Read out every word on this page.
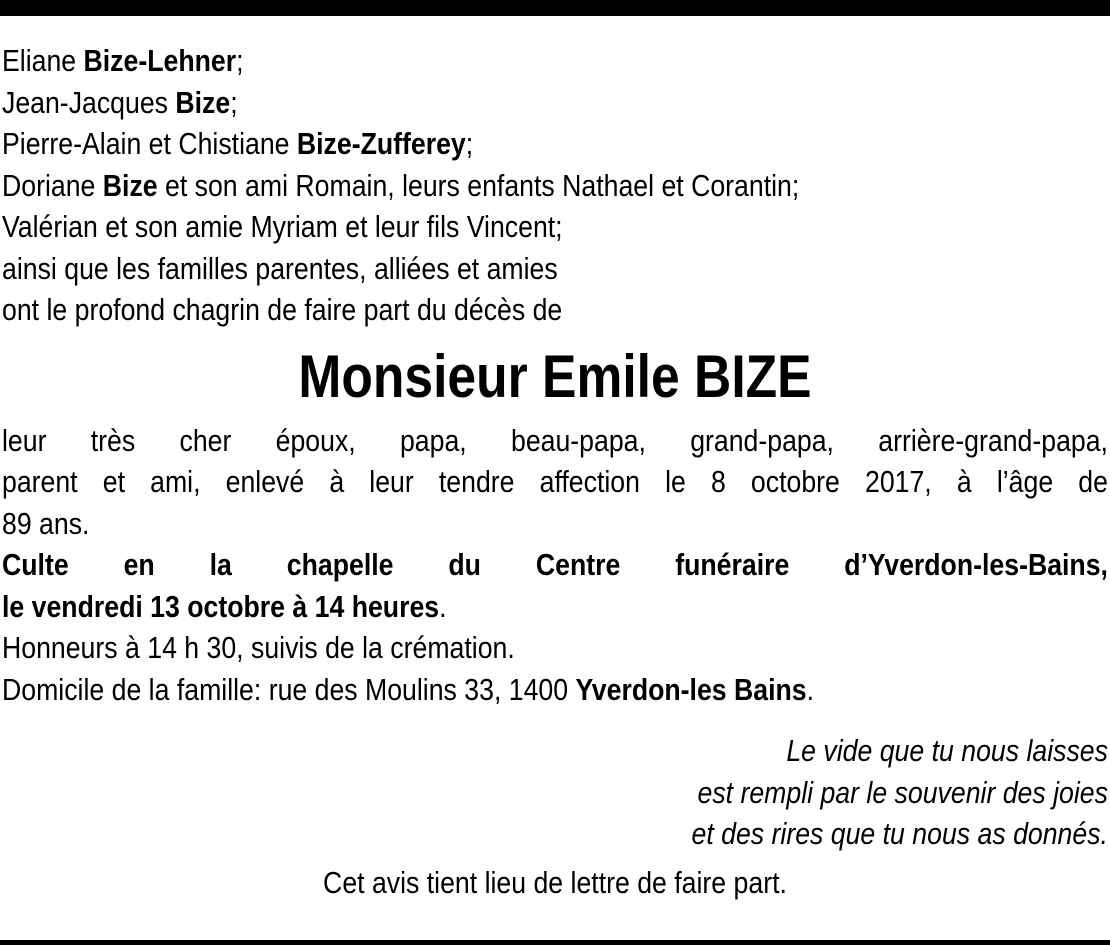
Eliane Bize-Lehner;
Jean-Jacques Bize;
Pierre-Alain et Chistiane Bize-Zufferey;
Doriane Bize et son ami Romain, leurs enfants Nathael et Corantin;
Valérian et son amie Myriam et leur fils Vincent;
ainsi que les familles parentes, alliées et amies
ont le profond chagrin de faire part du décès de
Monsieur Emile BIZE
leur très cher époux, papa, beau-papa, grand-papa, arrière-grand-papa,
parent et ami, enlevé à leur tendre affection le 8 octobre 2017, à l’âge de
89 ans.
Culte en la chapelle du Centre funéraire d’Yverdon-les-Bains,
le vendredi 13 octobre à 14 heures.
Honneurs à 14 h 30, suivis de la crémation.
Domicile de la famille: rue des Moulins 33, 1400 Yverdon-les Bains.
Le vide que tu nous laisses
est rempli par le souvenir des joies
et des rires que tu nous as donnés.
Cet avis tient lieu de lettre de faire part.
